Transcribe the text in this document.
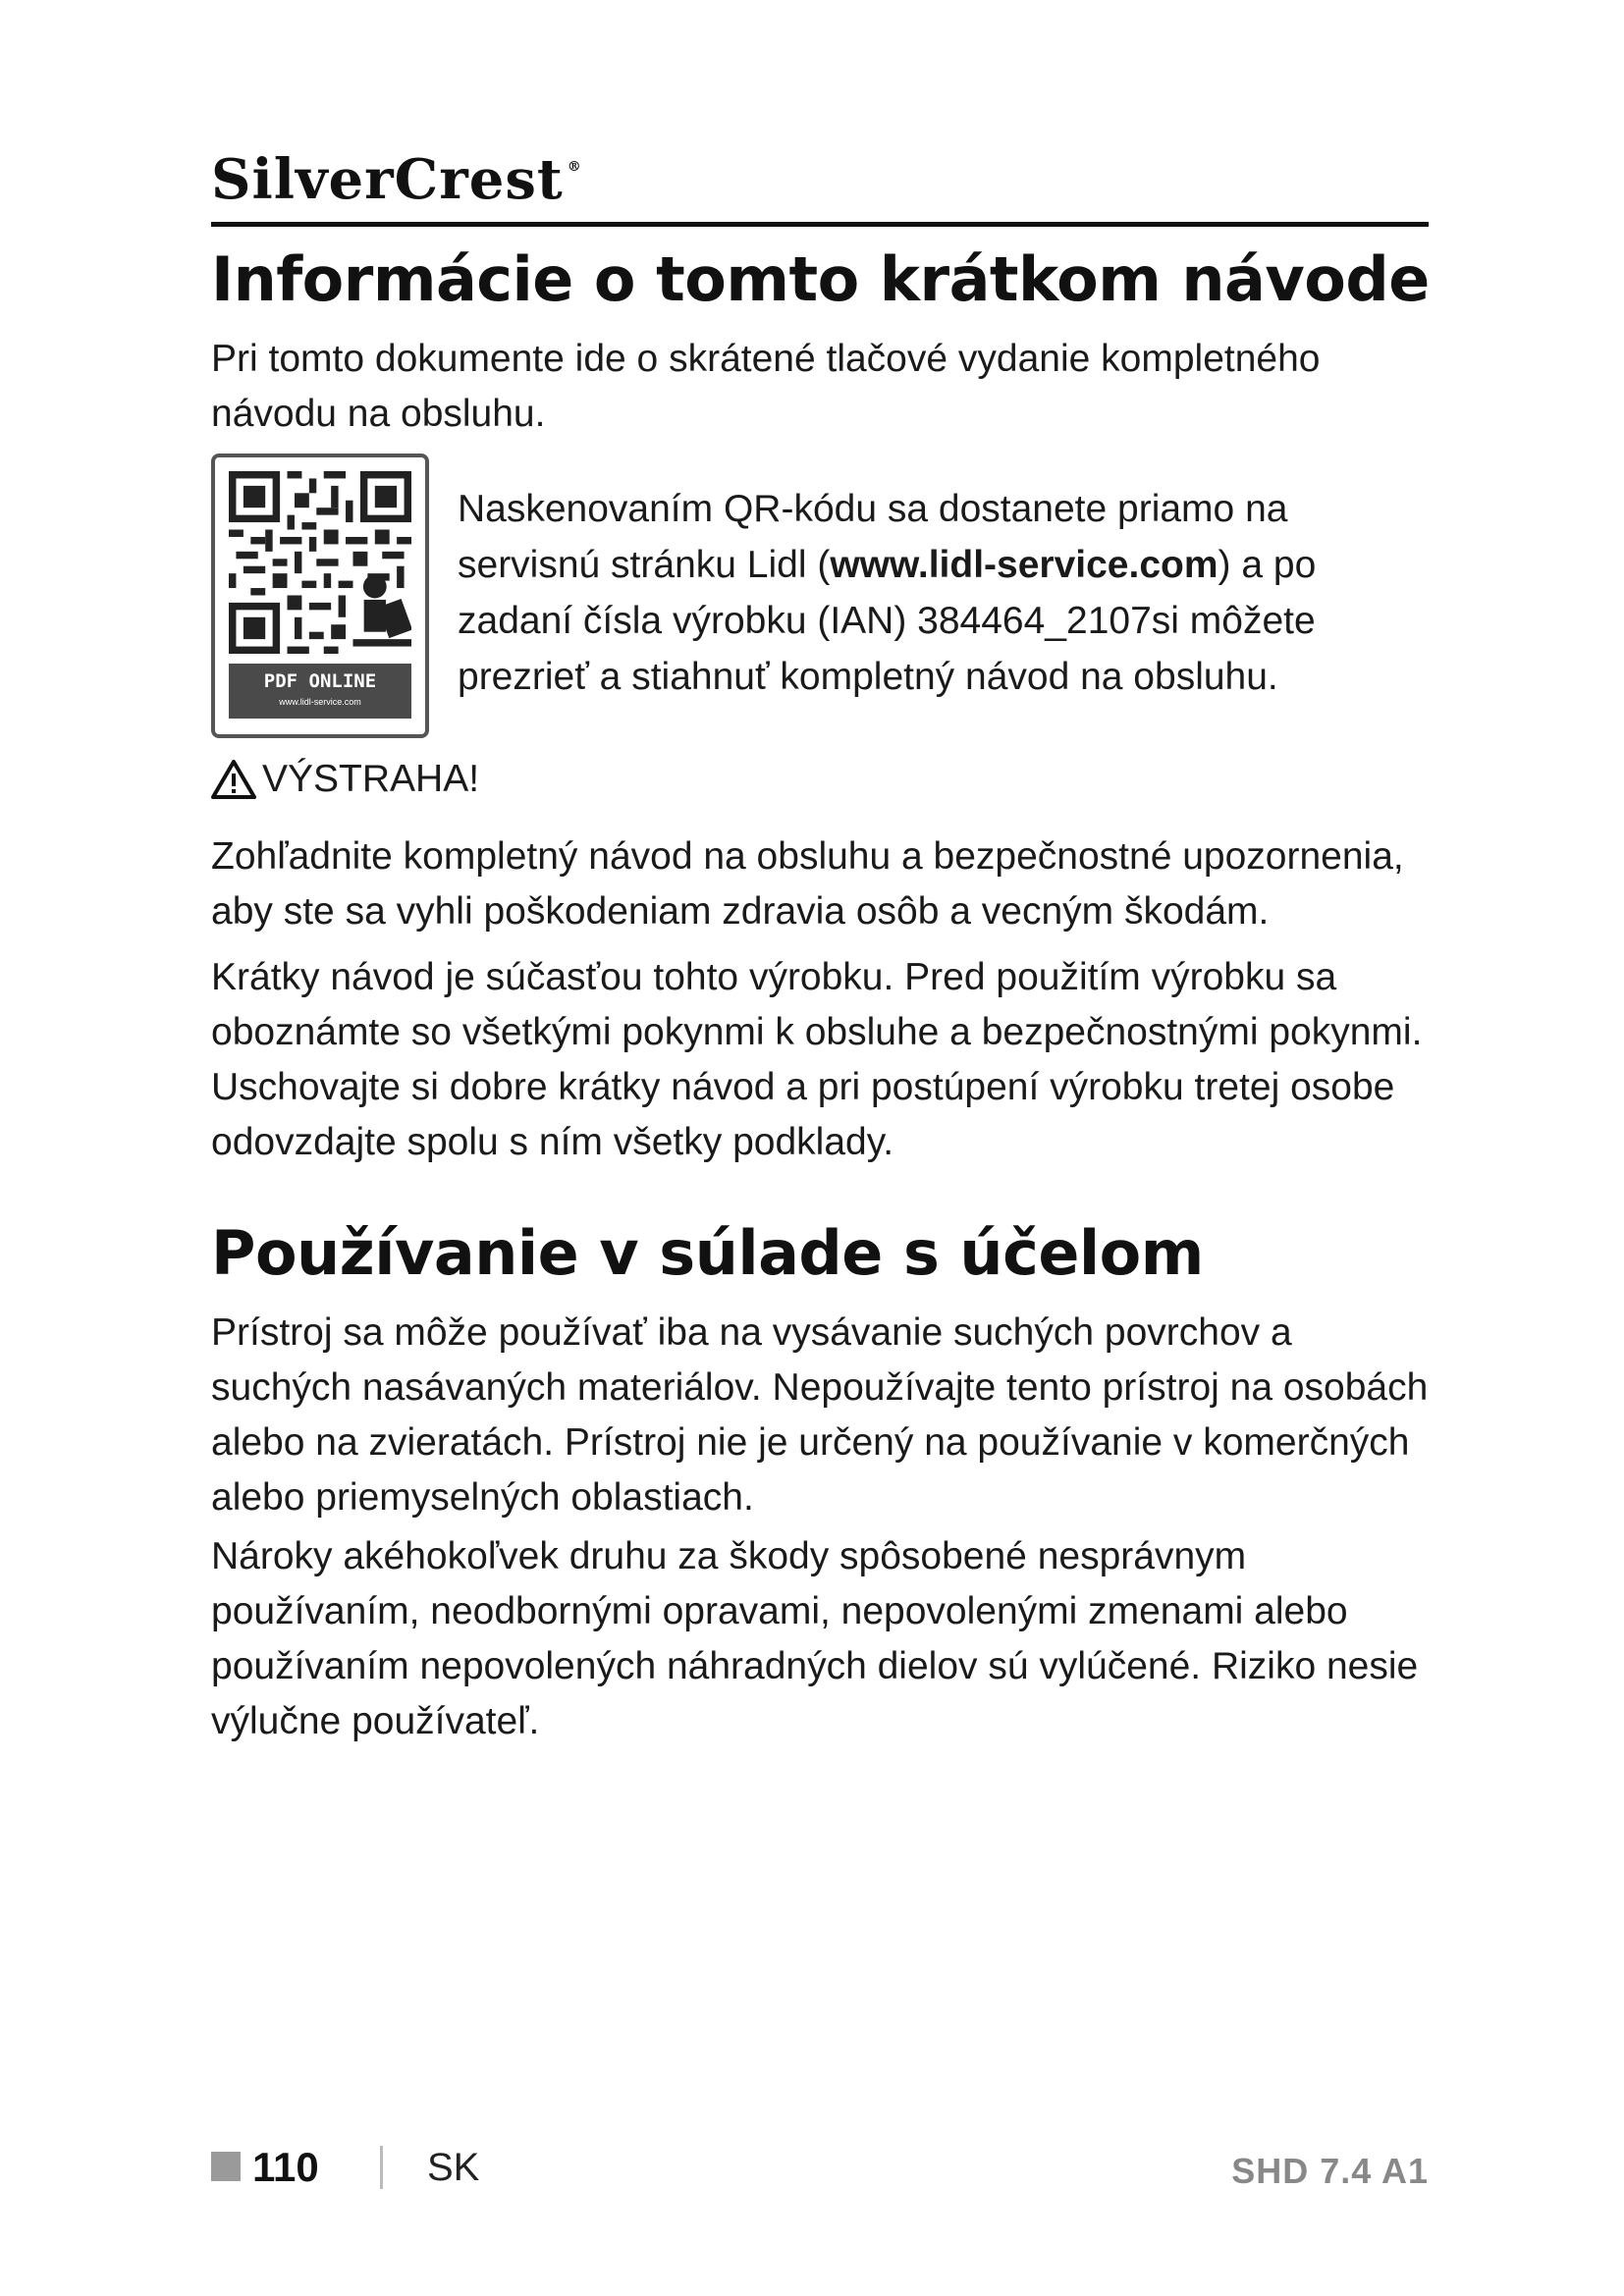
SilverCrest ®
Informácie o tomto krátkom návode

Pri tomto dokumente ide o skrátené tlačové vydanie kompletného návodu na obsluhu.

PDF ONLINE
www.lidl-service.com

Naskenovaním QR-kódu sa dostanete priamo na servisnú stránku Lidl (www.lidl-service.com) a po zadaní čísla výrobku (IAN) 384464_2107si môžete prezrieť a stiahnuť kompletný návod na obsluhu.

VÝSTRAHA!

Zohľadnite kompletný návod na obsluhu a bezpečnostné upozornenia, aby ste sa vyhli poškodeniam zdravia osôb a vecným škodám.

Krátky návod je súčasťou tohto výrobku. Pred použitím výrobku sa oboznámte so všetkými pokynmi k obsluhe a bezpečnostnými pokynmi. Uschovajte si dobre krátky návod a pri postúpení výrobku tretej osobe odovzdajte spolu s ním všetky podklady.

Používanie v súlade s účelom

Prístroj sa môže používať iba na vysávanie suchých povrchov a suchých nasávaných materiálov. Nepoužívajte tento prístroj na osobách alebo na zvieratách. Prístroj nie je určený na používanie v komerčných alebo priemyselných oblastiach.

Nároky akéhokoľvek druhu za škody spôsobené nesprávnym používaním, neodbornými opravami, nepovolenými zmenami alebo používaním nepovolených náhradných dielov sú vylúčené. Riziko nesie výlučne používateľ.

110	SK	SHD 7.4 A1
